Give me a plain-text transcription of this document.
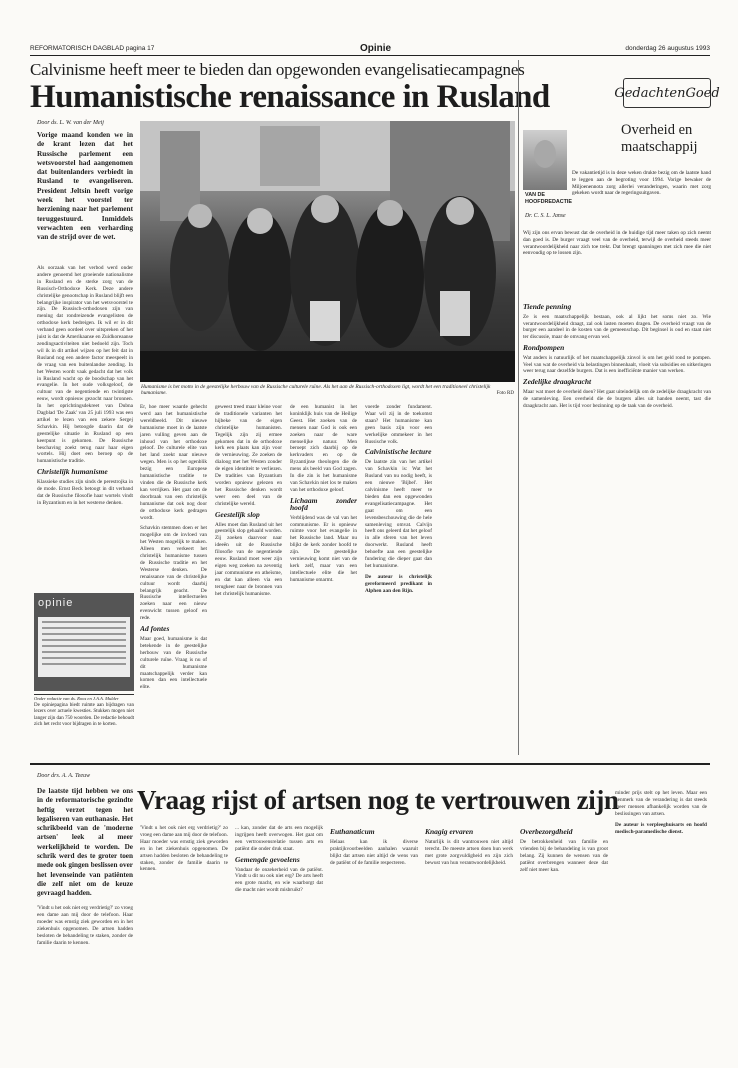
REFORMATORISCH DAGBLAD pagina 17	Opinie	donderdag 26 augustus 1993
Calvinisme heeft meer te bieden dan opgewonden evangelisatiecampagnes
Humanistische renaissance in Rusland
Door ds. L. W. van der Meij
Vorige maand konden we in de krant lezen dat het Russische parlement een wetsvoorstel had aangenomen dat buitenlanders verbiedt in Rusland te evangeliseren. President Jeltsin heeft vorige week het voorstel ter herziening naar het parlement teruggestuurd. Inmiddels verwachten een verharding van de strijd over de wet.

Als oorzaak van het verbod werd onder andere genoemd het groeiende nationalisme in Rusland en de sterke zorg van de Russisch-Orthodoxe Kerk. Deze andere christelijke genootschap in Rusland blijft een belangrijke inspirator van het wetsvoorstel te zijn. De Russisch-orthodoxen zijn van mening dat rondreizende evangelisten de orthodoxe kerk bedreigen. Ik wil er in dit verband geen oordeel over uitspreken of het juist is dat de Amerikaanse en Zuidkoreaanse zendingsactiviteiten niet bedoeld zijn. Toch wil ik in dit artikel wijzen op het feit dat in Rusland nog een andere factor meespeelt in de vraag van een buitenlandse zending. In het Westen wordt vaak gedacht dat het volk in Rusland wacht op de boodschap van het evangelie. In het oude volksgeloof, de cultuur van de negentiende en twintigste eeuw, wordt opnieuw gezocht naar bronnen. In het oprichtingsdekreet van Dubna Dagblad 'De Zaak' van 25 juli 1993 was een artikel te lezen van een zekere Sergej Schavkin. Hij betoogde daarin dat de geestelijke situatie in Rusland op een keerpunt is gekomen. De Russische beschaving zoekt terug naar haar eigen wortels. Hij doet een beroep op de humanistische traditie.

Christelijk humanisme

Klassieke studies zijn sinds de perestrojka in de mode. Ernst Beck betoogt in dit verband dat de Russische filosofie haar wortels vindt in Byzantium en in het westerse denken.

Humanisme is het motto in de geestelijke herbouw van de Russische culturele ruïne. Als het aan de Russisch-orthodoxen ligt, wordt het een traditioneel christelijk humanisme.	Foto RD

Er, hoe meer waarde gehecht werd aan het humanistische wereldbeeld. Dit nieuwe humanisme moet in de laatste jaren vulling geven aan de inhoud van het orthodoxe geloof. De culturele elite van het land zoekt naar nieuwe wegen. Men is op het ogenblik bezig een Europese humanistische traditie te vinden die de Russische kerk kan verrijken. Het gaat om de doorbraak van een christelijk humanisme dat ook nog door de orthodoxe kerk gedragen wordt.

Schavkin stemmen doen er het mogelijke om de invloed van het Westen mogelijk te maken. Alleen men verkeert het christelijk humanisme tussen de Russische traditie en het Westerse denken. De renaissance van de christelijke cultuur wordt daarbij belangrijk geacht. De Russische intellectuelen zoeken naar een nieuw evenwicht tussen geloof en rede.

Ad fontes

Maar goed, humanisme is dat betekende in de geestelijke herbouw van de Russische culturele ruïne. Vraag is nu of dit humanisme maatschappelijk verder kan komen dan een intellectuele elite.

geweest treed maar kleine voor de traditionele varianten het hijbeke van de eigen christelijke humanisten. Tegelijk zijn zij ermee gekomen dat in de orthodoxe kerk een plaats kan zijn voor de vernieuwing. Ze zoeken de dialoog met het Westen zonder de eigen identiteit te verliezen. De tradities van Byzantium worden opnieuw gelezen en het Russische denken wordt weer een deel van de christelijke wereld.

Geestelijk slop

Alles moet dan Rusland uit het geestelijk slop gehaald worden. Zij zoeken daarvoor naar ideeën uit de Russische filosofie van de negentiende eeuw. Rusland moet weer zijn eigen weg zoeken na zeventig jaar communisme en atheïsme, en dat kan alleen via een terugkeer naar de bronnen van het christelijk humanisme.

de een humanist in het koninklijk huis van de Heilige Geest. Het zoeken van de mensen naar God is ook een zoeken naar de ware menselijke natuur. Men beroept zich daarbij op de kerkvaders en op de Byzantijnse theologen die de mens als beeld van God zagen. In die zin is het humanisme van Schavkin niet los te maken van het orthodoxe geloof.

Lichaam zonder hoofd

Verblijdend was de val van het communisme. Er is opnieuw ruimte voor het evangelie in het Russische land. Maar nu blijkt de kerk zonder hoofd te zijn. De geestelijke vernieuwing komt niet van de kerk zelf, maar van een intellectuele elite die het humanisme omarmt.

voerde zonder fundament. Waar wil zij in de toekomst staan? Het humanisme kan geen basis zijn voor een werkelijke ommekeer in het Russische volk.

Calvinistische lecture

De laatste zin van het artikel van Schavkin is: Wat het Rusland van nu nodig heeft, is een nieuwe 'Bijbel'. Het calvinisme heeft meer te bieden dan een opgewonden evangelisatiecampagne. Het gaat om een levensbeschouwing die de hele samenleving omvat. Calvijn heeft ons geleerd dat het geloof in alle sferen van het leven doorwerkt. Rusland heeft behoefte aan een geestelijke fundering die dieper gaat dan het humanisme.

De auteur is christelijk gereformeerd predikant in Alphen aan den Rijn.

opinie
Onder redactie van ds. Roos en J.A.A. Mulder
De opiniepagina biedt ruimte aan bijdragen van lezers over actuele kwesties. Stukken mogen niet langer zijn dan 750 woorden. De redactie behoudt zich het recht voor bijdragen in te korten.
GedachtenGoed
Overheid en maatschappij
De vakantietijd is in deze weken drukte bezig om de laatste hand te leggen aan de begroting voor 1994. Vorige bewaker de Miljoenennota zorg allerlei veranderingen, waarin met zorg gekeken wordt naar de regeringsuitgaven.
VAN DE HOOFDREDACTIE
Dr. C. S. L. Janse
Wij zijn ons ervan bewust dat de overheid in de huidige tijd meer taken op zich neemt dan goed is. De burger vraagt veel van de overheid, terwijl de overheid steeds meer verantwoordelijkheid naar zich toe trekt. Dat brengt spanningen met zich mee die niet eenvoudig op te lossen zijn.
Tiende penning

Ze is een maatschappelijk bestaan, ook al lijkt het soms niet zo. Wie verantwoordelijkheid draagt, zal ook lasten moeten dragen. De overheid vraagt van de burger een aandeel in de kosten van de gemeenschap. Dit beginsel is oud en staat niet ter discussie, maar de omvang ervan wel.

Rondpompen

Wat anders is natuurlijk of het maatschappelijk zinvol is om het geld rond te pompen. Veel van wat de overheid via belastingen binnenhaalt, vloeit via subsidies en uitkeringen weer terug naar dezelfde burgers. Dat is een inefficiënte manier van werken.

Zedelijke draagkracht

Maar wat moet de overheid doen? Het gaat uiteindelijk om de zedelijke draagkracht van de samenleving. Een overheid die de burgers alles uit handen neemt, tast die draagkracht aan. Het is tijd voor bezinning op de taak van de overheid.

Door drs. A. A. Teeuw
Vraag rijst of artsen nog te vertrouwen zijn
De laatste tijd hebben we ons in de reformatorische gezindte heftig verzet tegen het legaliseren van euthanasie. Het schrikbeeld van de 'moderne artsen' leek al meer werkelijkheid te worden. De schrik werd des te groter toen mede ook gingen beslissen over het levenseinde van patiënten die zelf niet om de keuze gevraagd hadden.

'Vindt u het ook niet erg verdrietig?' zo vroeg een dame aan mij door de telefoon. Haar moeder was ernstig ziek geworden en in het ziekenhuis opgenomen. De artsen hadden besloten de behandeling te staken, zonder de familie daarin te kennen.

'Vindt u het ook niet erg verdrietig?' zo vroeg een dame aan mij door de telefoon. Haar moeder was ernstig ziek geworden en in het ziekenhuis opgenomen. De artsen hadden besloten de behandeling te staken, zonder de familie daarin te kennen.

... kan, zonder dat de arts een mogelijk ingrijpen heeft overwogen. Het gaat om een vertrouwensrelatie tussen arts en patiënt die onder druk staat.

Gemengde gevoelens

Vandaar de onzekerheid van de patiënt. Vindt u dit nu ook niet erg? De arts heeft een grote macht, en wie waarborgt dat die macht niet wordt misbruikt?

Euthanaticum

Helaas kan ik diverse praktijkvoorbeelden aanhalen waaruit blijkt dat artsen niet altijd de wens van de patiënt of de familie respecteren.

Knagig ervaren

Naturlijk is dit wantrouwen niet altijd terecht. De meeste artsen doen hun werk met grote zorgvuldigheid en zijn zich bewust van hun verantwoordelijkheid.

Overbezorgdheid

De betrokkenheid van familie en vrienden bij de behandeling is van groot belang. Zij kunnen de wensen van de patiënt overbrengen wanneer deze dat zelf niet meer kan.

minder prijs stelt op het leven. Maar een kenmerk van de verandering is dat steeds meer mensen afhankelijk worden van de beslissingen van artsen.

De auteur is verpleeghuisarts en hoofd medisch-paramedische dienst.
